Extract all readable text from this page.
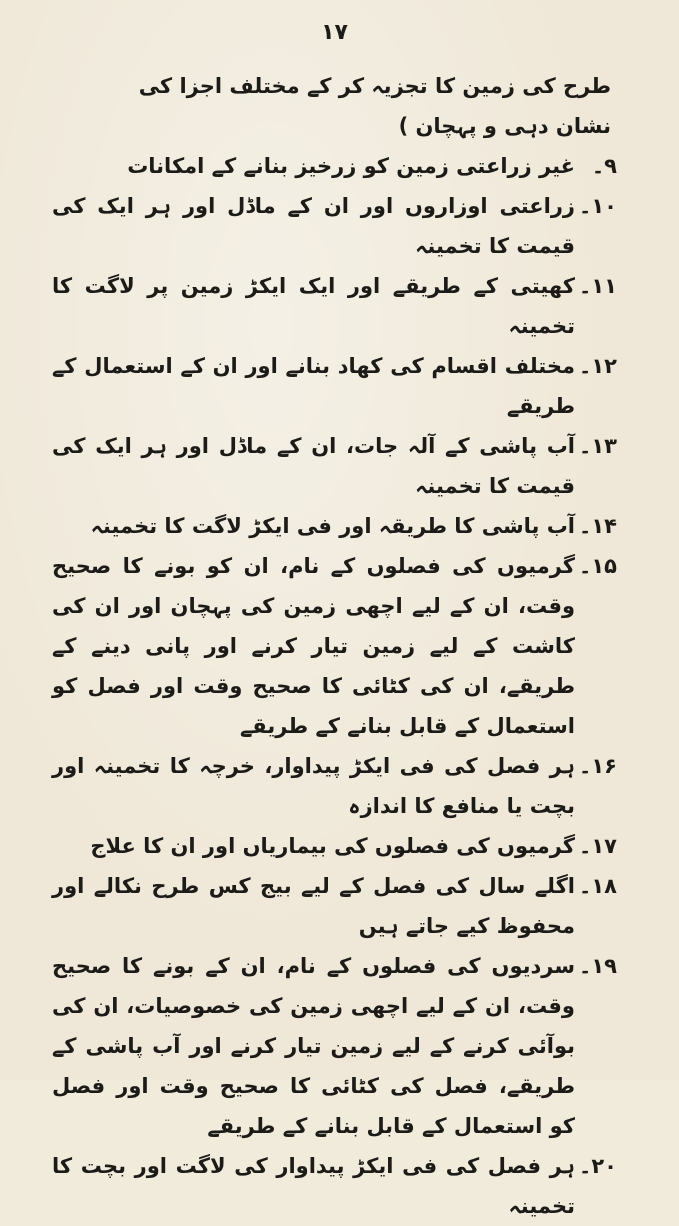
۱۷
طرح کی زمین کا تجزیہ کر کے مختلف اجزا کی نشان دہی و پہچان )
۹۔
غیر زراعتی زمین کو زرخیز بنانے کے امکانات
۱۰۔
زراعتی اوزاروں اور ان کے ماڈل اور ہر ایک کی قیمت کا تخمینہ
۱۱۔
کھیتی کے طریقے اور ایک ایکڑ زمین پر لاگت کا تخمینہ
۱۲۔
مختلف اقسام کی کھاد بنانے اور ان کے استعمال کے طریقے
۱۳۔
آب پاشی کے آلہ جات، ان کے ماڈل اور ہر ایک کی قیمت کا تخمینہ
۱۴۔
آب پاشی کا طریقہ اور فی ایکڑ لاگت کا تخمینہ
۱۵۔
گرمیوں کی فصلوں کے نام، ان کو بونے کا صحیح وقت، ان کے لیے اچھی زمین کی پہچان اور ان کی کاشت کے لیے زمین تیار کرنے اور پانی دینے کے طریقے، ان کی کٹائی کا صحیح وقت اور فصل کو استعمال کے قابل بنانے کے طریقے
۱۶۔
ہر فصل کی فی ایکڑ پیداوار، خرچہ کا تخمینہ اور بچت یا منافع کا اندازہ
۱۷۔
گرمیوں کی فصلوں کی بیماریاں اور ان کا علاج
۱۸۔
اگلے سال کی فصل کے لیے بیج کس طرح نکالے اور محفوظ کیے جاتے ہیں
۱۹۔
سردیوں کی فصلوں کے نام، ان کے بونے کا صحیح وقت، ان کے لیے اچھی زمین کی خصوصیات، ان کی بوآئی کرنے کے لیے زمین تیار کرنے اور آب پاشی کے طریقے، فصل کی کٹائی کا صحیح وقت اور فصل کو استعمال کے قابل بنانے کے طریقے
۲۰۔
ہر فصل کی فی ایکڑ پیداوار کی لاگت اور بچت کا تخمینہ
